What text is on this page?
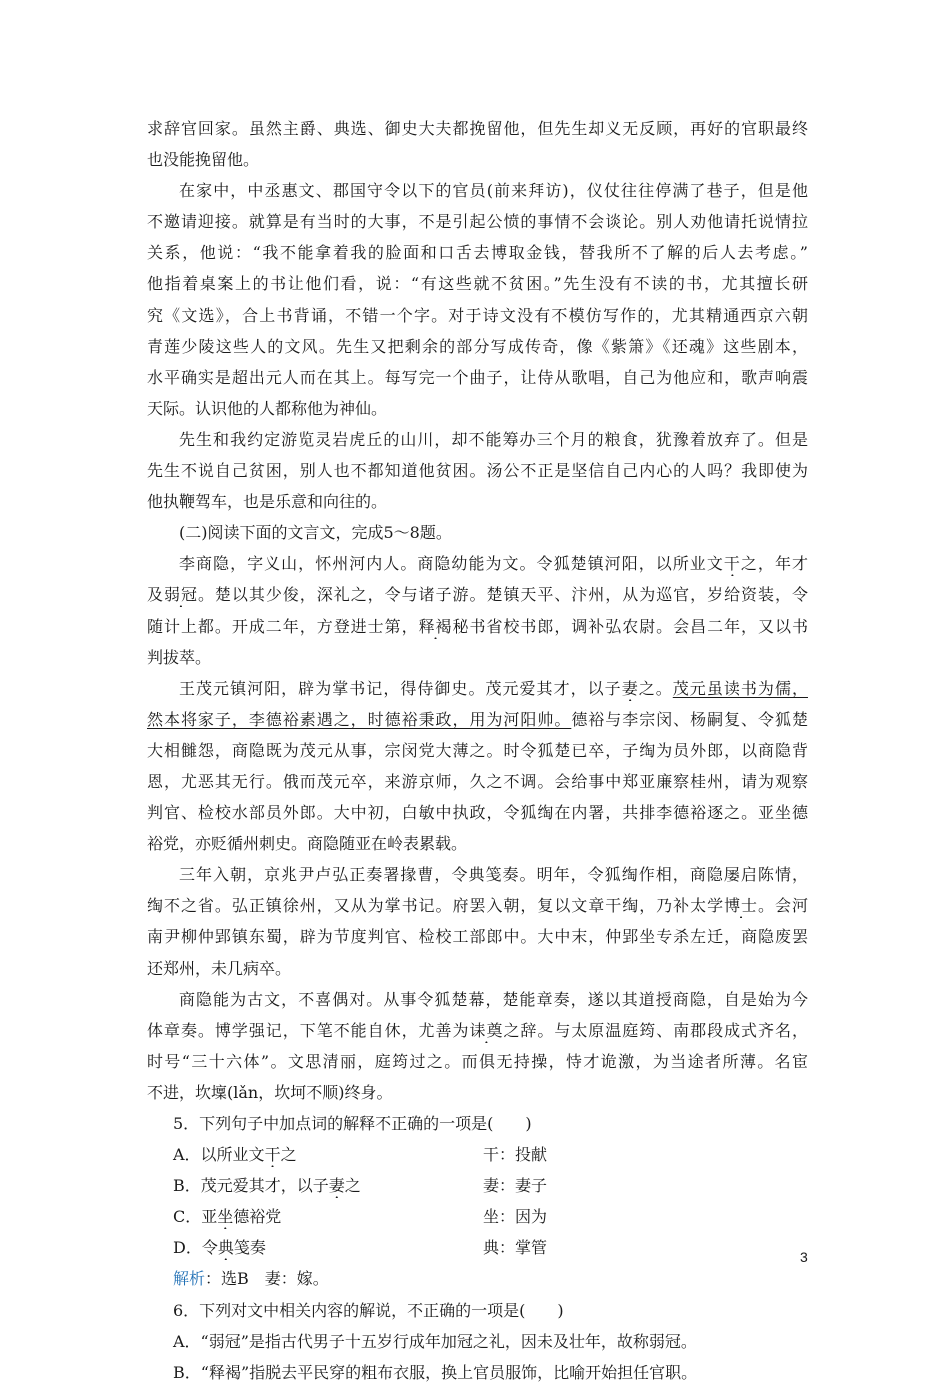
求辞官回家。虽然主爵、典选、御史大夫都挽留他，但先生却义无反顾，再好的官职最终
也没能挽留他。
在家中，中丞惠文、郡国守令以下的官员(前来拜访)，仪仗往往停满了巷子，但是他
不邀请迎接。就算是有当时的大事，不是引起公愤的事情不会谈论。别人劝他请托说情拉
关系，他说：“我不能拿着我的脸面和口舌去博取金钱，替我所不了解的后人去考虑。”
他指着桌案上的书让他们看，说：“有这些就不贫困。”先生没有不读的书，尤其擅长研
究《文选》，合上书背诵，不错一个字。对于诗文没有不模仿写作的，尤其精通西京六朝
青莲少陵这些人的文风。先生又把剩余的部分写成传奇，像《紫箫》《还魂》这些剧本，
水平确实是超出元人而在其上。每写完一个曲子，让侍从歌唱，自己为他应和，歌声响震
天际。认识他的人都称他为神仙。
先生和我约定游览灵岩虎丘的山川，却不能筹办三个月的粮食，犹豫着放弃了。但是
先生不说自己贫困，别人也不都知道他贫困。汤公不正是坚信自己内心的人吗？我即使为
他执鞭驾车，也是乐意和向往的。
(二)阅读下面的文言文，完成5～8题。
李商隐，字义山，怀州河内人。商隐幼能为文。令狐楚镇河阳，以所业文干之，年才
及弱冠。楚以其少俊，深礼之，令与诸子游。楚镇天平、汴州，从为巡官，岁给资装，令
随计上都。开成二年，方登进士第，释褐秘书省校书郎，调补弘农尉。会昌二年，又以书
判拔萃。
王茂元镇河阳，辟为掌书记，得侍御史。茂元爱其才，以子妻之。茂元虽读书为儒，
然本将家子，李德裕素遇之，时德裕秉政，用为河阳帅。德裕与李宗闵、杨嗣复、令狐楚
大相雠怨，商隐既为茂元从事，宗闵党大薄之。时令狐楚已卒，子绹为员外郎，以商隐背
恩，尤恶其无行。俄而茂元卒，来游京师，久之不调。会给事中郑亚廉察桂州，请为观察
判官、检校水部员外郎。大中初，白敏中执政，令狐绹在内署，共排李德裕逐之。亚坐德
裕党，亦贬循州刺史。商隐随亚在岭表累载。
三年入朝，京兆尹卢弘正奏署掾曹，令典笺奏。明年，令狐绹作相，商隐屡启陈情，
绹不之省。弘正镇徐州，又从为掌书记。府罢入朝，复以文章干绹，乃补太学博士。会河
南尹柳仲郢镇东蜀，辟为节度判官、检校工部郎中。大中末，仲郢坐专杀左迁，商隐废罢
还郑州，未几病卒。
商隐能为古文，不喜偶对。从事令狐楚幕，楚能章奏，遂以其道授商隐，自是始为今
体章奏。博学强记，下笔不能自休，尤善为诔奠之辞。与太原温庭筠、南郡段成式齐名，
时号“三十六体”。文思清丽，庭筠过之。而俱无持操，恃才诡激，为当途者所薄。名宦
不进，坎壈(lǎn，坎坷不顺)终身。
5．下列句子中加点词的解释不正确的一项是(　　)
A．以所业文干之	干：投献
B．茂元爱其才，以子妻之	妻：妻子
C．亚坐德裕党	坐：因为
D．令典笺奏	典：掌管
解析：选B　妻：嫁。
6．下列对文中相关内容的解说，不正确的一项是(　　)
A．“弱冠”是指古代男子十五岁行成年加冠之礼，因未及壮年，故称弱冠。
B．“释褐”指脱去平民穿的粗布衣服，换上官员服饰，比喻开始担任官职。
3
